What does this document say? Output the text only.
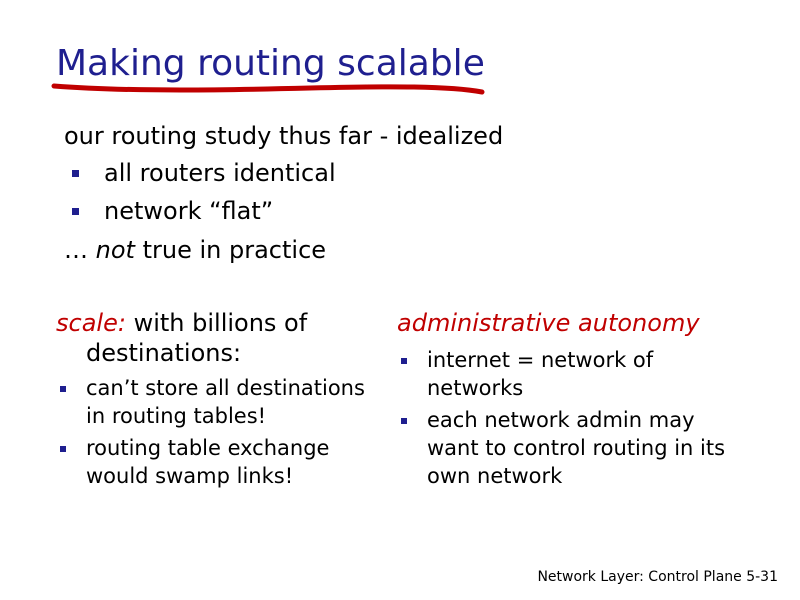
Making routing scalable
our routing study thus far - idealized
all routers identical
network “flat”
… not true in practice
scale: with billions of
destinations:
can’t store all destinations in routing tables!
routing table exchange would swamp links!
administrative autonomy
internet = network of networks
each network admin may want to control routing in its own network
Network Layer: Control Plane 5-31
